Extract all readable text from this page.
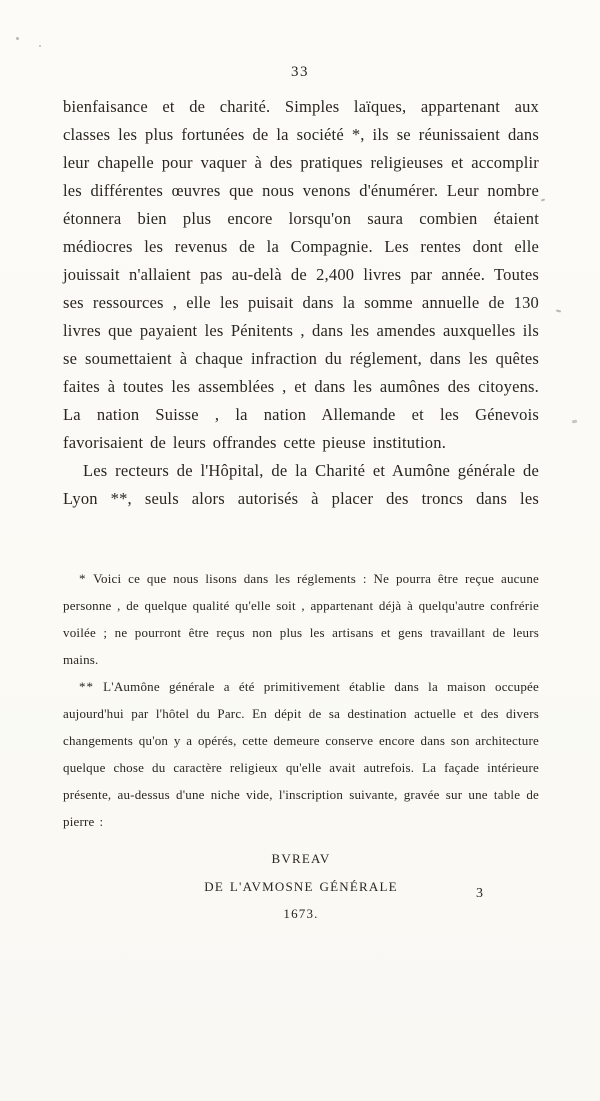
33

bienfaisance et de charité. Simples laïques, appartenant aux classes les plus fortunées de la société *, ils se réunissaient dans leur chapelle pour vaquer à des pratiques religieuses et accomplir les différentes œuvres que nous venons d'énumérer. Leur nombre étonnera bien plus encore lorsqu'on saura combien étaient médiocres les revenus de la Compagnie. Les rentes dont elle jouissait n'allaient pas au-delà de 2,400 livres par année. Toutes ses ressources , elle les puisait dans la somme annuelle de 130 livres que payaient les Pénitents , dans les amendes auxquelles ils se soumettaient à chaque infraction du réglement, dans les quêtes faites à toutes les assemblées , et dans les aumônes des citoyens. La nation Suisse , la nation Allemande et les Génevois favorisaient de leurs offrandes cette pieuse institution.

Les recteurs de l'Hôpital, de la Charité et Aumône générale de Lyon **, seuls alors autorisés à placer des troncs dans les

* Voici ce que nous lisons dans les réglements : Ne pourra être reçue aucune personne , de quelque qualité qu'elle soit , appartenant déjà à quelqu'autre confrérie voilée ; ne pourront être reçus non plus les artisans et gens travaillant de leurs mains.

** L'Aumône générale a été primitivement établie dans la maison occupée aujourd'hui par l'hôtel du Parc. En dépit de sa destination actuelle et des divers changements qu'on y a opérés, cette demeure conserve encore dans son architecture quelque chose du caractère religieux qu'elle avait autrefois. La façade intérieure présente, au-dessus d'une niche vide, l'inscription suivante, gravée sur une table de pierre :

BVREAV
DE L'AVMOSNE GÉNÉRALE
1673.
3
